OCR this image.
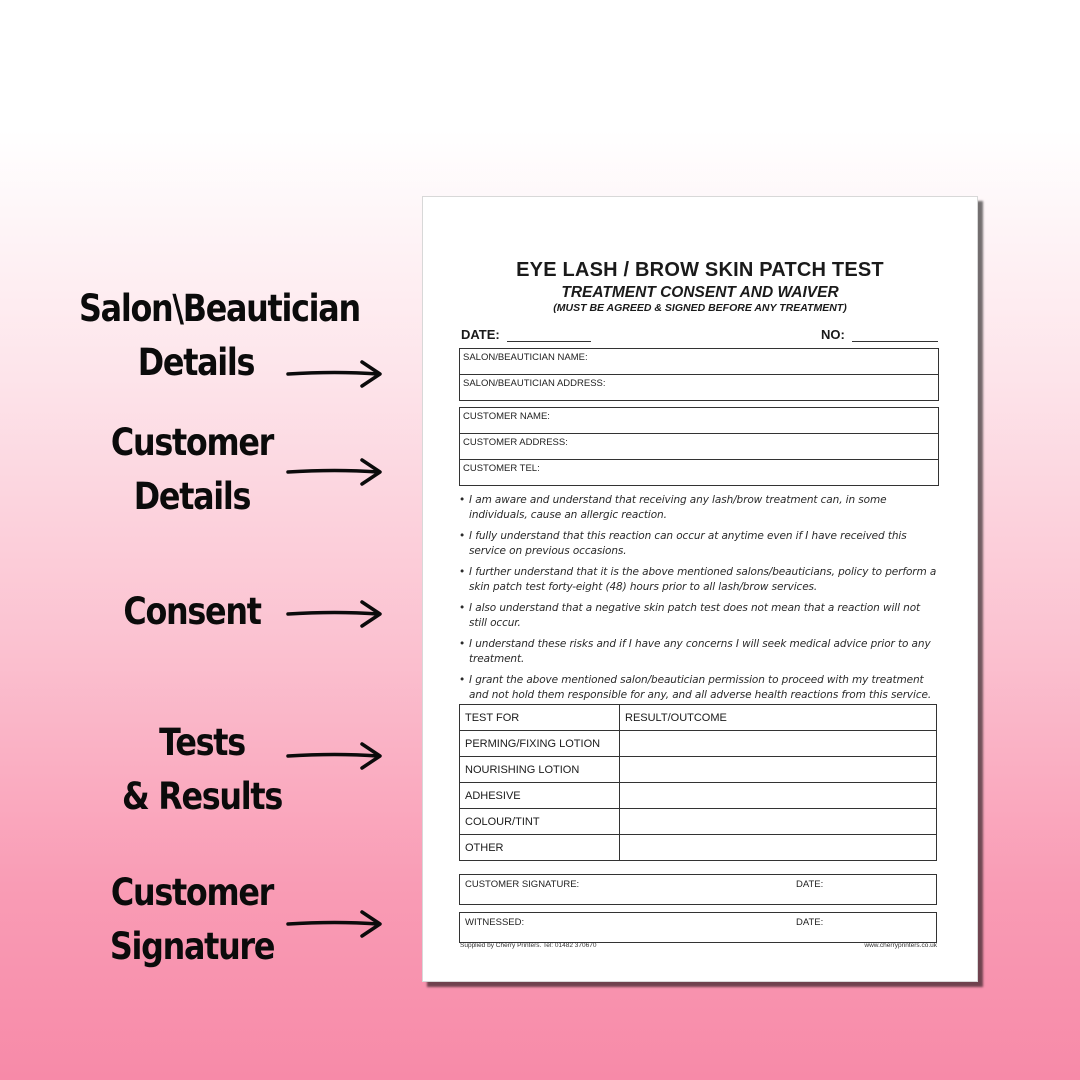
Salon\Beautician
Details
Customer
Details
Consent
Tests
& Results
Customer
Signature
EYE LASH / BROW SKIN PATCH TEST
TREATMENT CONSENT AND WAIVER
(MUST BE AGREED & SIGNED BEFORE ANY TREATMENT)
DATE:	NO:
SALON/BEAUTICIAN NAME:
SALON/BEAUTICIAN ADDRESS:
CUSTOMER NAME:
CUSTOMER ADDRESS:
CUSTOMER TEL:
• I am aware and understand that receiving any lash/brow treatment can, in some individuals, cause an allergic reaction.
• I fully understand that this reaction can occur at anytime even if I have received this service on previous occasions.
• I further understand that it is the above mentioned salons/beauticians, policy to perform a skin patch test forty-eight (48) hours prior to all lash/brow services.
• I also understand that a negative skin patch test does not mean that a reaction will not still occur.
• I understand these risks and if I have any concerns I will seek medical advice prior to any treatment.
• I grant the above mentioned salon/beautician permission to proceed with my treatment and not hold them responsible for any, and all adverse health reactions from this service.
TEST FOR	RESULT/OUTCOME
PERMING/FIXING LOTION	
NOURISHING LOTION	
ADHESIVE	
COLOUR/TINT	
OTHER	
CUSTOMER SIGNATURE:	DATE:
WITNESSED:	DATE:
Supplied by Cherry Printers. Tel: 01482 370670	www.cherryprinters.co.uk
